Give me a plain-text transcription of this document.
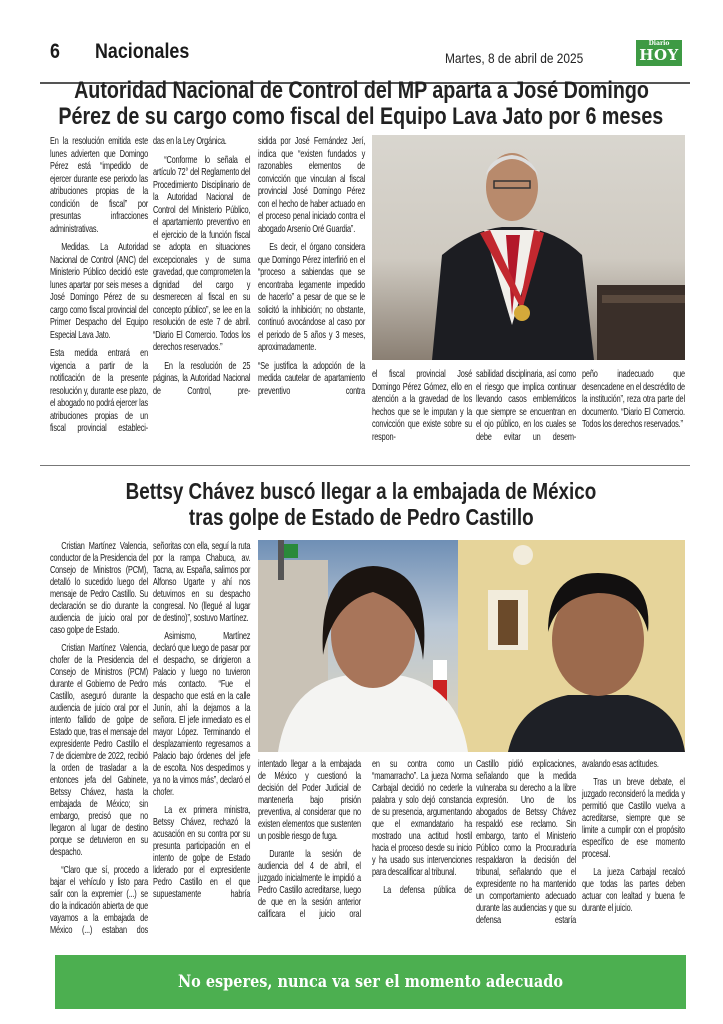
6 Nacionales	Martes, 8 de abril de 2025
Diario
HOY
Autoridad Nacional de Control del MP aparta a José Domingo
Pérez de su cargo como fiscal del Equipo Lava Jato por 6 meses

En la resolución emitida este lunes advierten que Domingo Pérez está “impedido de ejercer durante ese periodo las atribuciones propias de la condición de fiscal” por presuntas infracciones administrativas.

Medidas. La Autoridad Nacional de Control (ANC) del Ministerio Público decidió este lunes apartar por seis meses a José Domingo Pérez de su cargo como fiscal provincial del Primer Despacho del Equipo Especial Lava Jato.

Esta medida entrará en vigencia a partir de la notificación de la presente resolución y, durante ese plazo, el abogado no podrá ejercer las atribuciones propias de un fiscal provincial estableci-

das en la Ley Orgánica.

“Conforme lo señala el artículo 72° del Reglamento del Procedimiento Disciplinario de la Autoridad Nacional de Control del Ministerio Público, el apartamiento preventivo en el ejercicio de la función fiscal se adopta en situaciones excepcionales y de suma gravedad, que comprometen la dignidad del cargo y desmerecen al fiscal en su concepto público”, se lee en la resolución de este 7 de abril. “Diario El Comercio. Todos los derechos reservados.”

En la resolución de 25 páginas, la Autoridad Nacional de Control, pre-

sidida por José Fernández Jerí, indica que “existen fundados y razonables elementos de convicción que vinculan al fiscal provincial José Domingo Pérez con el hecho de haber actuado en el proceso penal iniciado contra el abogado Arsenio Oré Guardia”.

Es decir, el órgano considera que Domingo Pérez interfirió en el “proceso a sabiendas que se encontraba legamente impedido de hacerlo” a pesar de que se le solicitó la inhibición; no obstante, continuó avocándose al caso por el periodo de 5 años y 3 meses, aproximadamente.

“Se justifica la adopción de la medida cautelar de apartamiento preventivo contra

el fiscal provincial José Domingo Pérez Gómez, ello en atención a la gravedad de los hechos que se le imputan y la convicción que existe sobre su respon-

sabilidad disciplinaria, así como el riesgo que implica continuar llevando casos emblemáticos que siempre se encuentran en el ojo público, en los cuales se debe evitar un desem-

peño inadecuado que desencadene en el descrédito de la institución”, reza otra parte del documento. “Diario El Comercio. Todos los derechos reservados.”

Bettsy Chávez buscó llegar a la embajada de México
tras golpe de Estado de Pedro Castillo

Cristian Martínez Valencia, conductor de la Presidencia del Consejo de Ministros (PCM), detalló lo sucedido luego del mensaje de Pedro Castillo. Su declaración se dio durante la audiencia de juicio oral por caso golpe de Estado.

Cristian Martínez Valencia, chofer de la Presidencia del Consejo de Ministros (PCM) durante el Gobierno de Pedro Castillo, aseguró durante la audiencia de juicio oral por el intento fallido de golpe de Estado que, tras el mensaje del expresidente Pedro Castillo el 7 de diciembre de 2022, recibió la orden de trasladar a la entonces jefa del Gabinete, Betssy Chávez, hasta la embajada de México; sin embargo, precisó que no llegaron al lugar de destino porque se detuvieron en su despacho.

“Claro que sí, procedo a bajar el vehículo y listo para salir con la expremier (...) se dio la indicación abierta de que vayamos a la embajada de México (...) estaban dos

señoritas con ella, seguí la ruta por la rampa Chabuca, av. Tacna, av. España, salimos por Alfonso Ugarte y ahí nos detuvimos en su despacho congresal. No (llegué al lugar de destino)”, sostuvo Martínez.

Asimismo, Martínez declaró que luego de pasar por el despacho, se dirigieron a Palacio y luego no tuvieron más contacto. “Fue el despacho que está en la calle Junín, ahí la dejamos a la señora. El jefe inmediato es el mayor López. Terminando el desplazamiento regresamos a Palacio bajo órdenes del jefe de escolta. Nos despedimos y ya no la vimos más”, declaró el chofer.

La ex primera ministra, Betssy Chávez, rechazó la acusación en su contra por su presunta participación en el intento de golpe de Estado liderado por el expresidente Pedro Castillo en el que supuestamente habría

intentado llegar a la embajada de México y cuestionó la decisión del Poder Judicial de mantenerla bajo prisión preventiva, al considerar que no existen elementos que sustenten un posible riesgo de fuga.

Durante la sesión de audiencia del 4 de abril, el juzgado inicialmente le impidió a Pedro Castillo acreditarse, luego de que en la sesión anterior calificara el juicio oral

en su contra como un “mamarracho”. La jueza Norma Carbajal decidió no cederle la palabra y solo dejó constancia de su presencia, argumentando que el exmandatario ha mostrado una actitud hostil hacia el proceso desde su inicio y ha usado sus intervenciones para descalificar al tribunal.

La defensa pública de

Castillo pidió explicaciones, señalando que la medida vulneraba su derecho a la libre expresión. Uno de los abogados de Betssy Chávez respaldó ese reclamo. Sin embargo, tanto el Ministerio Público como la Procuraduría respaldaron la decisión del tribunal, señalando que el expresidente no ha mantenido un comportamiento adecuado durante las audiencias y que su defensa estaría

avalando esas actitudes.

Tras un breve debate, el juzgado reconsideró la medida y permitió que Castillo vuelva a acreditarse, siempre que se limite a cumplir con el propósito específico de ese momento procesal.

La jueza Carbajal recalcó que todas las partes deben actuar con lealtad y buena fe durante el juicio.

No esperes, nunca va ser el momento adecuado
